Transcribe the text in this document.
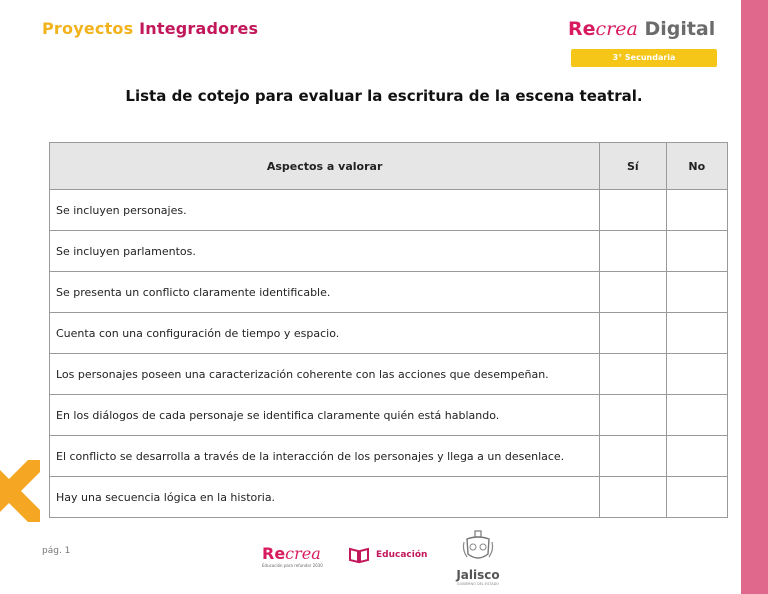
Proyectos Integradores	Recrea Digital
3° Secundaria
Lista de cotejo para evaluar la escritura de la escena teatral.
Aspectos a valorar	Sí	No
Se incluyen personajes.		
Se incluyen parlamentos.		
Se presenta un conflicto claramente identificable.		
Cuenta con una configuración de tiempo y espacio.		
Los personajes poseen una caracterización coherente con las acciones que desempeñan.		
En los diálogos de cada personaje se identifica claramente quién está hablando.		
El conflicto se desarrolla a través de la interacción de los personajes y llega a un desenlace.		
Hay una secuencia lógica en la historia.		
pág. 1	Recrea
Educación para refundar 2030
Educación
Jalisco
GOBIERNO DEL ESTADO
